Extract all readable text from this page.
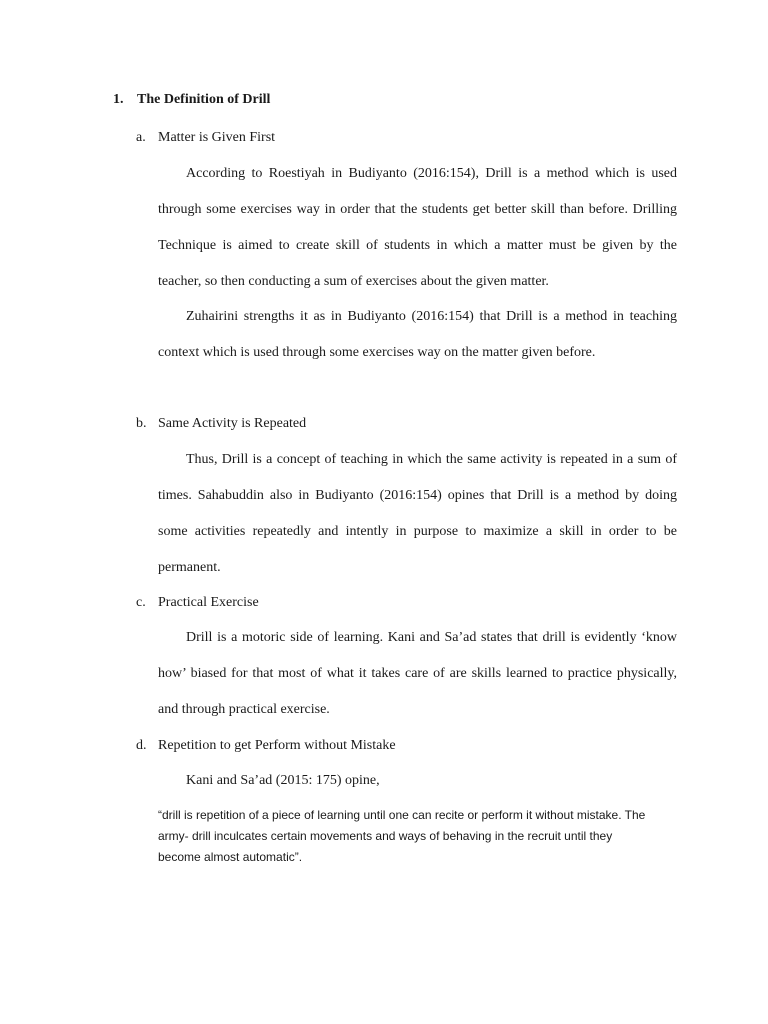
1. The Definition of Drill
a. Matter is Given First

According to Roestiyah in Budiyanto (2016:154), Drill is a method which is used through some exercises way in order that the students get better skill than before. Drilling Technique is aimed to create skill of students in which a matter must be given by the teacher, so then conducting a sum of exercises about the given matter.

Zuhairini strengths it as in Budiyanto (2016:154) that Drill is a method in teaching context which is used through some exercises way on the matter given before.

b. Same Activity is Repeated

Thus, Drill is a concept of teaching in which the same activity is repeated in a sum of times. Sahabuddin also in Budiyanto (2016:154) opines that Drill is a method by doing some activities repeatedly and intently in purpose to maximize a skill in order to be permanent.

c. Practical Exercise

Drill is a motoric side of learning. Kani and Sa’ad states that drill is evidently ‘know how’ biased for that most of what it takes care of are skills learned to practice physically, and through practical exercise.

d. Repetition to get Perform without Mistake
Kani and Sa’ad (2015: 175) opine,

“drill is repetition of a piece of learning until one can recite or perform it without mistake. The army- drill inculcates certain movements and ways of behaving in the recruit until they become almost automatic”.
